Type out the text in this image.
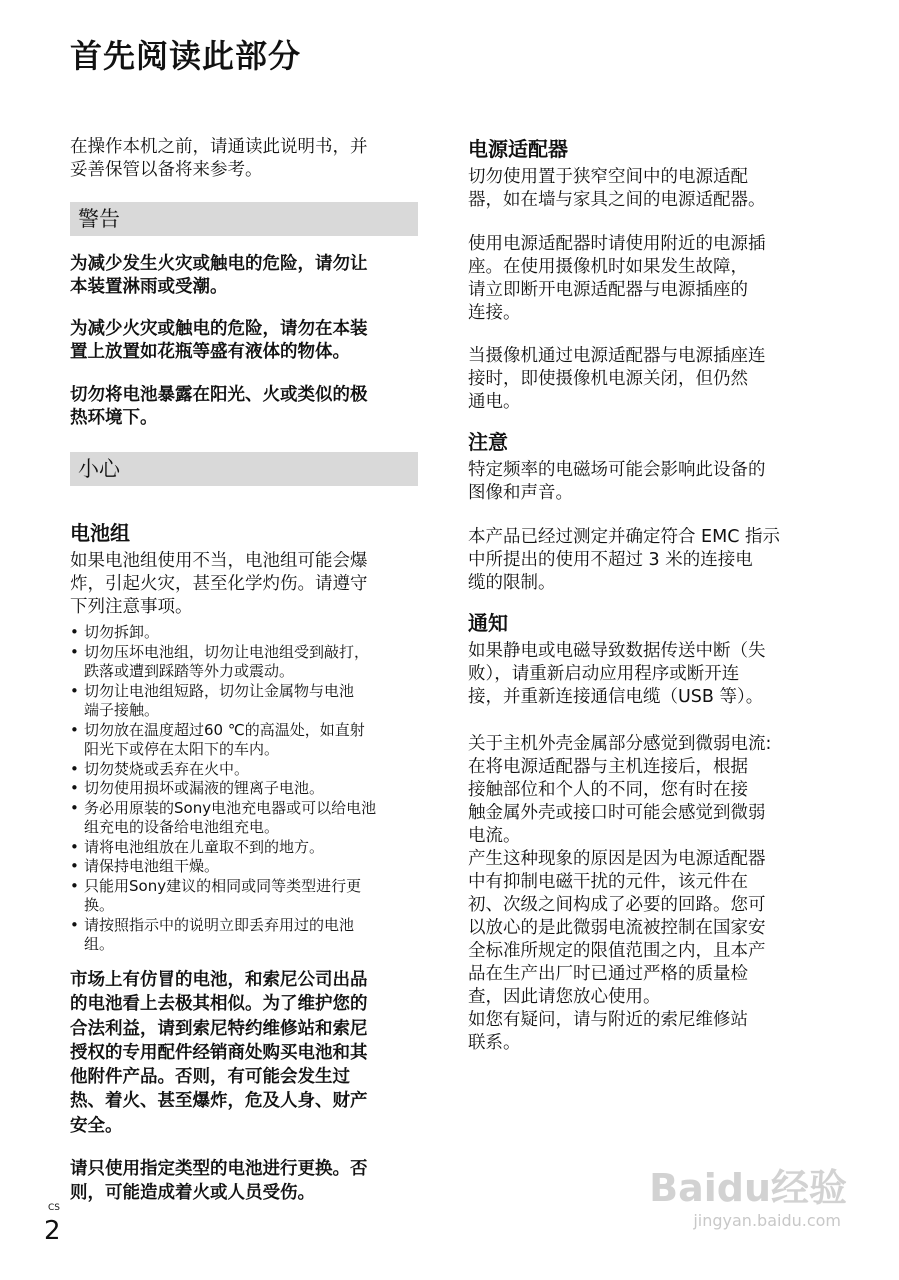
首先阅读此部分
在操作本机之前，请通读此说明书，并
妥善保管以备将来参考。
警告
为减少发生火灾或触电的危险，请勿让
本装置淋雨或受潮。
为减少火灾或触电的危险，请勿在本装
置上放置如花瓶等盛有液体的物体。
切勿将电池暴露在阳光、火或类似的极
热环境下。
小心
电池组
如果电池组使用不当，电池组可能会爆
炸，引起火灾，甚至化学灼伤。请遵守
下列注意事项。
• 切勿拆卸。
• 切勿压坏电池组，切勿让电池组受到敲打，
跌落或遭到踩踏等外力或震动。
• 切勿让电池组短路，切勿让金属物与电池
端子接触。
• 切勿放在温度超过60 ℃的高温处，如直射
阳光下或停在太阳下的车内。
• 切勿焚烧或丢弃在火中。
• 切勿使用损坏或漏液的锂离子电池。
• 务必用原装的Sony电池充电器或可以给电池
组充电的设备给电池组充电。
• 请将电池组放在儿童取不到的地方。
• 请保持电池组干燥。
• 只能用Sony建议的相同或同等类型进行更
换。
• 请按照指示中的说明立即丢弃用过的电池
组。
市场上有仿冒的电池，和索尼公司出品
的电池看上去极其相似。为了维护您的
合法利益，请到索尼特约维修站和索尼
授权的专用配件经销商处购买电池和其
他附件产品。否则，有可能会发生过
热、着火、甚至爆炸，危及人身、财产
安全。
请只使用指定类型的电池进行更换。否
则，可能造成着火或人员受伤。
电源适配器
切勿使用置于狭窄空间中的电源适配
器，如在墙与家具之间的电源适配器。
使用电源适配器时请使用附近的电源插
座。在使用摄像机时如果发生故障，
请立即断开电源适配器与电源插座的
连接。
当摄像机通过电源适配器与电源插座连
接时，即使摄像机电源关闭，但仍然
通电。
注意
特定频率的电磁场可能会影响此设备的
图像和声音。
本产品已经过测定并确定符合 EMC 指示
中所提出的使用不超过 3 米的连接电
缆的限制。
通知
如果静电或电磁导致数据传送中断（失
败），请重新启动应用程序或断开连
接，并重新连接通信电缆（USB 等）。
关于主机外壳金属部分感觉到微弱电流:
在将电源适配器与主机连接后，根据
接触部位和个人的不同，您有时在接
触金属外壳或接口时可能会感觉到微弱
电流。
产生这种现象的原因是因为电源适配器
中有抑制电磁干扰的元件，该元件在
初、次级之间构成了必要的回路。您可
以放心的是此微弱电流被控制在国家安
全标准所规定的限值范围之内，且本产
品在生产出厂时已通过严格的质量检
查，因此请您放心使用。
如您有疑问，请与附近的索尼维修站
联系。
CS
2
Baidu经验
jingyan.baidu.com
